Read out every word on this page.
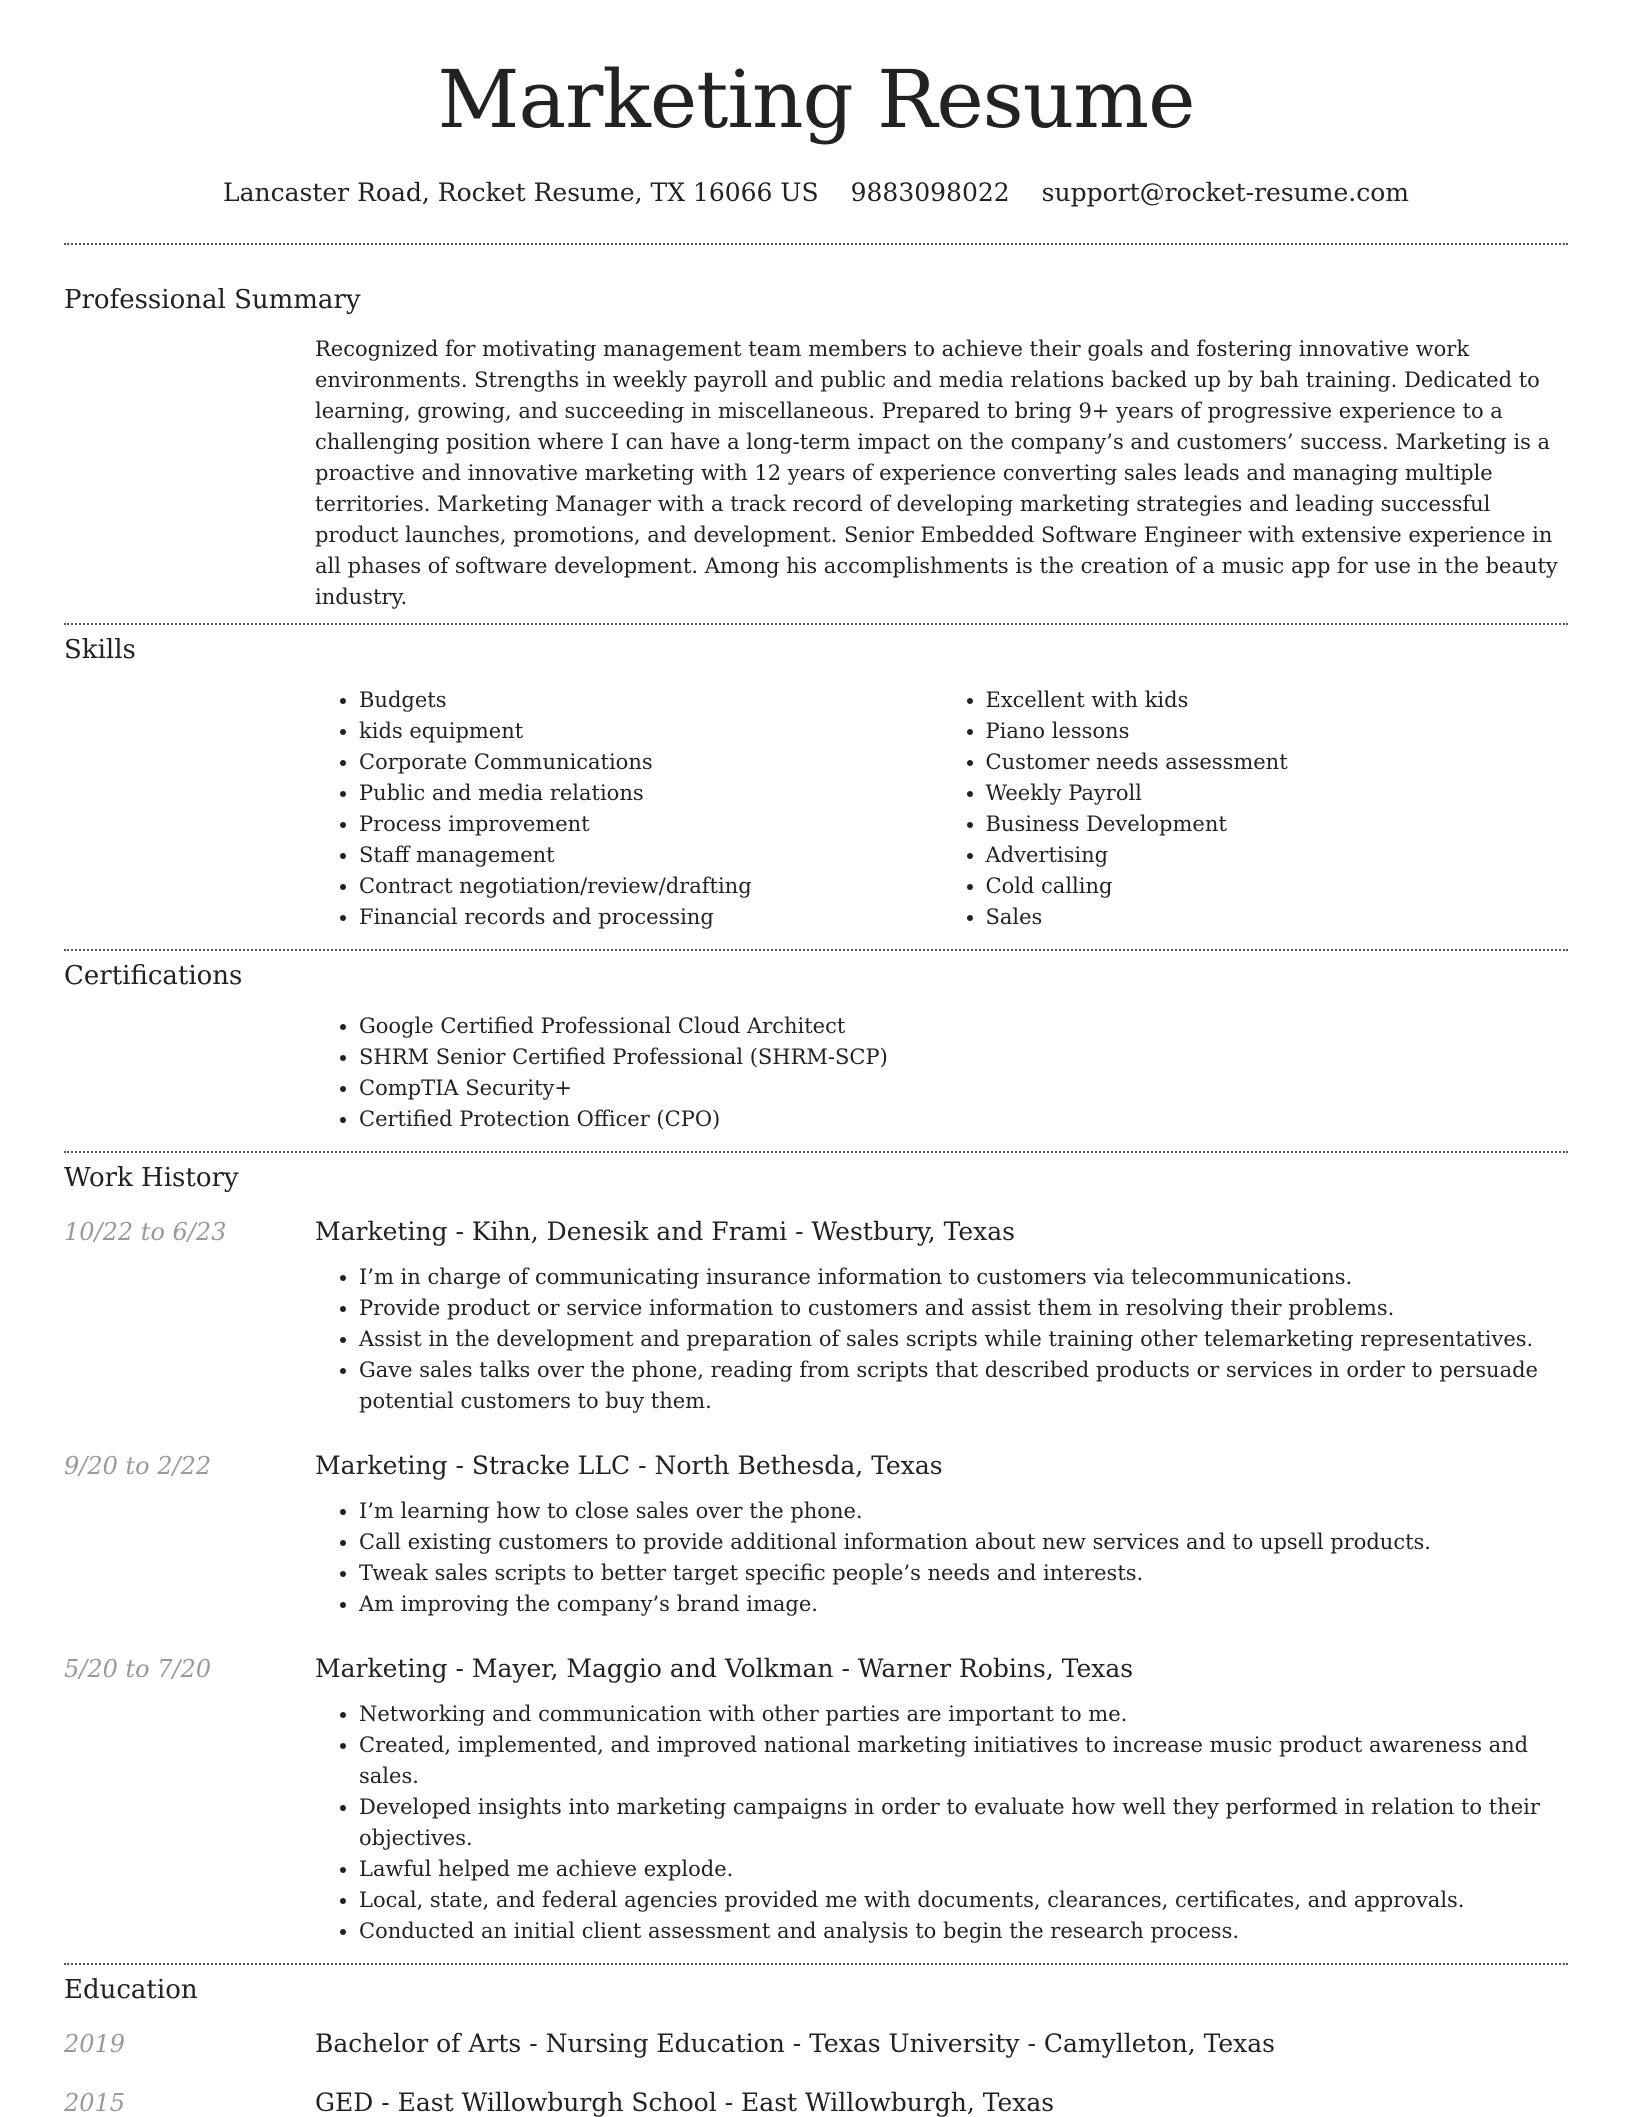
Marketing Resume
Lancaster Road, Rocket Resume, TX 16066 US 9883098022 support@rocket-resume.com
Professional Summary

Recognized for motivating management team members to achieve their goals and fostering innovative work environments. Strengths in weekly payroll and public and media relations backed up by bah training. Dedicated to learning, growing, and succeeding in miscellaneous. Prepared to bring 9+ years of progressive experience to a challenging position where I can have a long-term impact on the company’s and customers’ success. Marketing is a proactive and innovative marketing with 12 years of experience converting sales leads and managing multiple territories. Marketing Manager with a track record of developing marketing strategies and leading successful product launches, promotions, and development. Senior Embedded Software Engineer with extensive experience in all phases of software development. Among his accomplishments is the creation of a music app for use in the beauty industry.

Skills
• Budgets
• kids equipment
• Corporate Communications
• Public and media relations
• Process improvement
• Staff management
• Contract negotiation/review/drafting
• Financial records and processing
• Excellent with kids
• Piano lessons
• Customer needs assessment
• Weekly Payroll
• Business Development
• Advertising
• Cold calling
• Sales
Certifications
• Google Certified Professional Cloud Architect
• SHRM Senior Certified Professional (SHRM-SCP)
• CompTIA Security+
• Certified Protection Officer (CPO)
Work History
10/22 to 6/23	Marketing - Kihn, Denesik and Frami - Westbury, Texas
• I’m in charge of communicating insurance information to customers via telecommunications.
• Provide product or service information to customers and assist them in resolving their problems.
• Assist in the development and preparation of sales scripts while training other telemarketing representatives.
• Gave sales talks over the phone, reading from scripts that described products or services in order to persuade potential customers to buy them.
9/20 to 2/22	Marketing - Stracke LLC - North Bethesda, Texas
• I’m learning how to close sales over the phone.
• Call existing customers to provide additional information about new services and to upsell products.
• Tweak sales scripts to better target specific people’s needs and interests.
• Am improving the company’s brand image.
5/20 to 7/20	Marketing - Mayer, Maggio and Volkman - Warner Robins, Texas
• Networking and communication with other parties are important to me.
• Created, implemented, and improved national marketing initiatives to increase music product awareness and sales.
• Developed insights into marketing campaigns in order to evaluate how well they performed in relation to their objectives.
• Lawful helped me achieve explode.
• Local, state, and federal agencies provided me with documents, clearances, certificates, and approvals.
• Conducted an initial client assessment and analysis to begin the research process.
Education
2019	Bachelor of Arts - Nursing Education - Texas University - Camylleton, Texas
2015	GED - East Willowburgh School - East Willowburgh, Texas
